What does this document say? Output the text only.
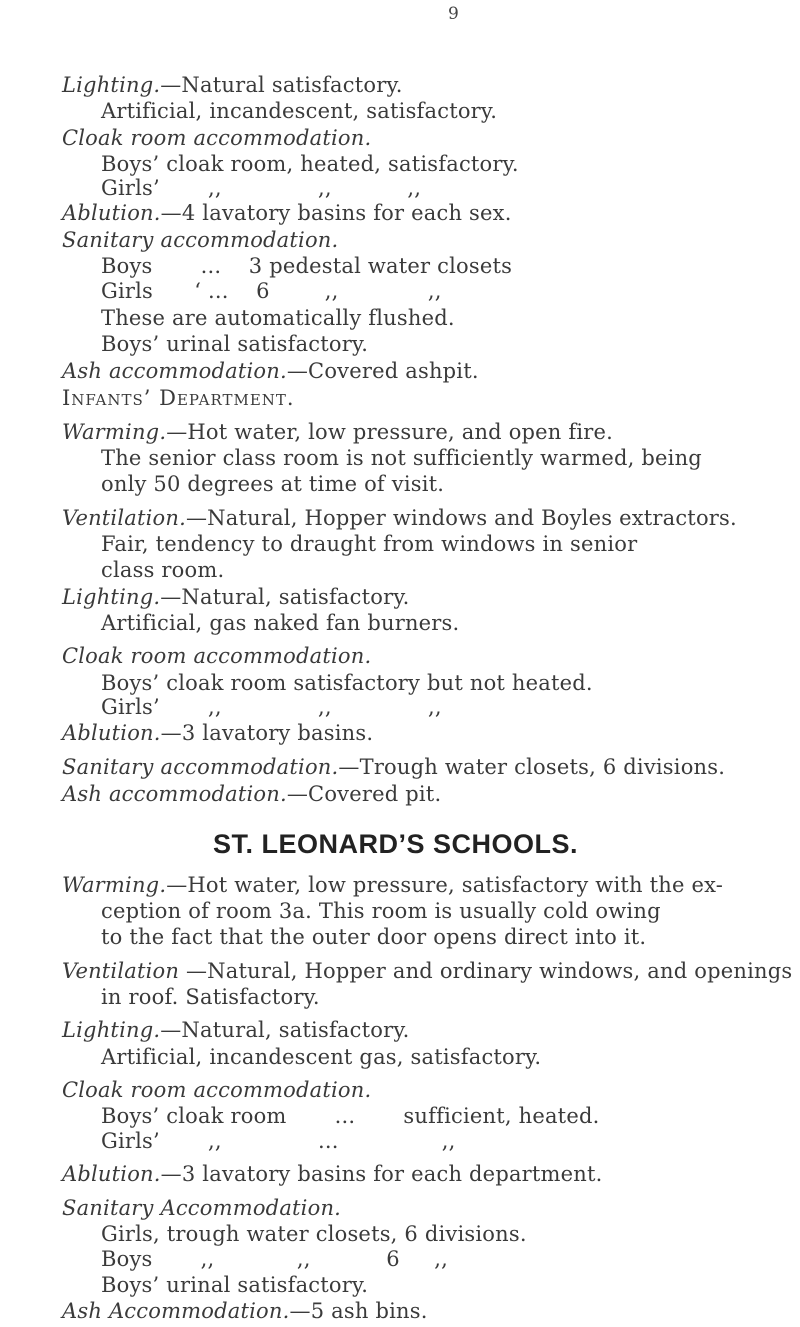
9
Lighting.—Natural satisfactory.
Artificial, incandescent, satisfactory.
Cloak room accommodation.
Boys’ cloak room, heated, satisfactory.
Girls’       ,,              ,,           ,,
Ablution.—4 lavatory basins for each sex.
Sanitary accommodation.
Boys       ...    3 pedestal water closets
Girls      ‘ ...    6        ,,             ,,
These are automatically flushed.
Boys’ urinal satisfactory.
Ash accommodation.—Covered ashpit.
Infants’ Department.
Warming.—Hot water, low pressure, and open fire.
The senior class room is not sufficiently warmed, being
only 50 degrees at time of visit.
Ventilation.—Natural, Hopper windows and Boyles extractors.
Fair, tendency to draught from windows in senior
class room.
Lighting.—Natural, satisfactory.
Artificial, gas naked fan burners.
Cloak room accommodation.
Boys’ cloak room satisfactory but not heated.
Girls’       ,,              ,,              ,,
Ablution.—3 lavatory basins.
Sanitary accommodation.—Trough water closets, 6 divisions.
Ash accommodation.—Covered pit.
ST. LEONARD’S SCHOOLS.
Warming.—Hot water, low pressure, satisfactory with the ex-
ception of room 3a. This room is usually cold owing
to the fact that the outer door opens direct into it.
Ventilation —Natural, Hopper and ordinary windows, and openings
in roof. Satisfactory.
Lighting.—Natural, satisfactory.
Artificial, incandescent gas, satisfactory.
Cloak room accommodation.
Boys’ cloak room       ...       sufficient, heated.
Girls’       ,,              ...               ,,
Ablution.—3 lavatory basins for each department.
Sanitary Accommodation.
Girls, trough water closets, 6 divisions.
Boys       ,,            ,,           6     ,,
Boys’ urinal satisfactory.
Ash Accommodation.—5 ash bins.
